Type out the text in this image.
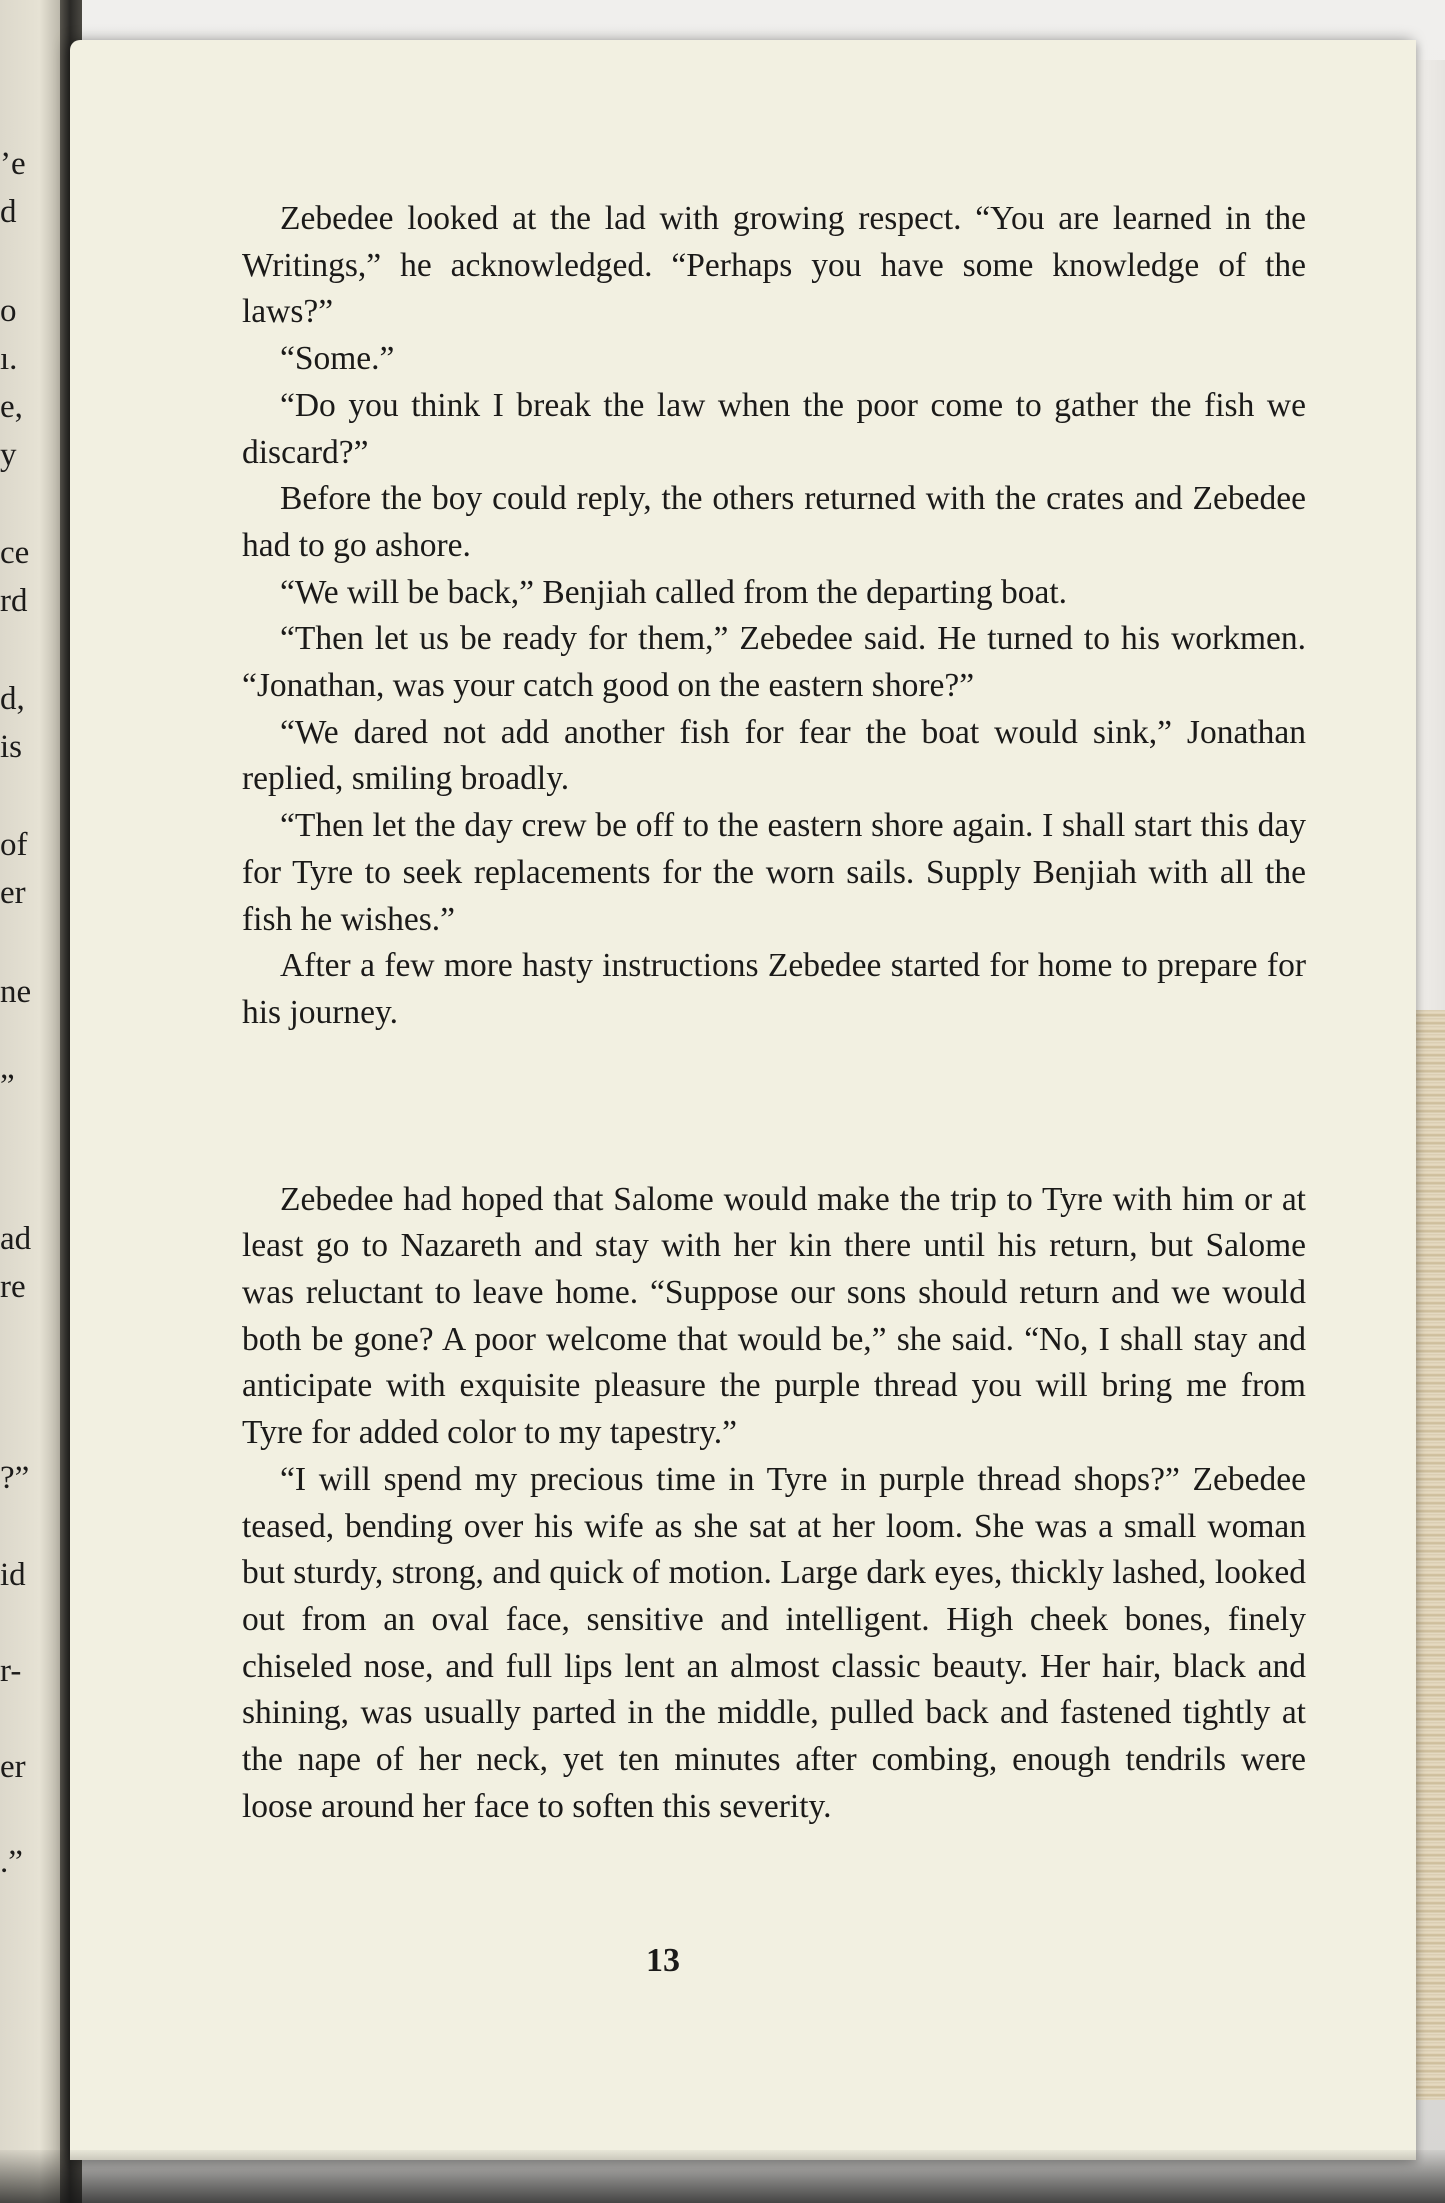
’e
d
o
ı.
e,
y
ce
rd
d,
is
of
er
ne
”
ad
re
?”
id
r-
er
.”

Zebedee looked at the lad with growing respect. “You are learned in the Writings,” he acknowledged. “Perhaps you have some knowledge of the laws?”

“Some.”

“Do you think I break the law when the poor come to gather the fish we discard?”

Before the boy could reply, the others returned with the crates and Zebedee had to go ashore.

“We will be back,” Benjiah called from the departing boat.

“Then let us be ready for them,” Zebedee said. He turned to his workmen. “Jonathan, was your catch good on the eastern shore?”

“We dared not add another fish for fear the boat would sink,” Jonathan replied, smiling broadly.

“Then let the day crew be off to the eastern shore again. I shall start this day for Tyre to seek replacements for the worn sails. Supply Benjiah with all the fish he wishes.”

After a few more hasty instructions Zebedee started for home to prepare for his journey.

Zebedee had hoped that Salome would make the trip to Tyre with him or at least go to Nazareth and stay with her kin there until his return, but Salome was reluctant to leave home. “Suppose our sons should return and we would both be gone? A poor welcome that would be,” she said. “No, I shall stay and anticipate with exquisite pleasure the purple thread you will bring me from Tyre for added color to my tapestry.”

“I will spend my precious time in Tyre in purple thread shops?” Zebedee teased, bending over his wife as she sat at her loom. She was a small woman but sturdy, strong, and quick of motion. Large dark eyes, thickly lashed, looked out from an oval face, sensitive and intelligent. High cheek bones, finely chiseled nose, and full lips lent an almost classic beauty. Her hair, black and shining, was usually parted in the middle, pulled back and fastened tightly at the nape of her neck, yet ten minutes after combing, enough tendrils were loose around her face to soften this severity.

13
